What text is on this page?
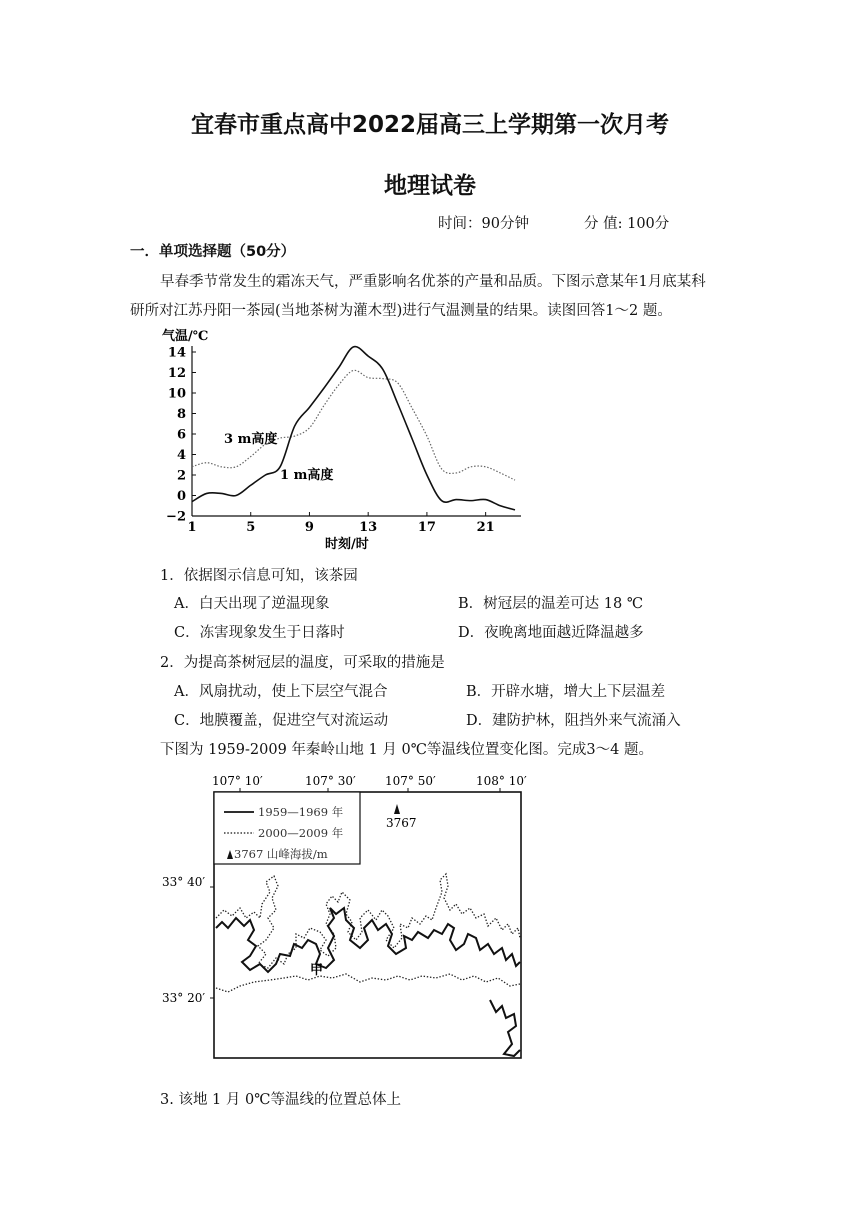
宜春市重点高中2022届高三上学期第一次月考
地理试卷
时间：90分钟	分 值: 100分
一．单项选择题（50分）
早春季节常发生的霜冻天气，严重影响名优茶的产量和品质。下图示意某年1月底某科
研所对江苏丹阳一茶园(当地茶树为灌木型)进行气温测量的结果。读图回答1～2 题。
14
12
10
8
6
4
2
0
−2
1	5	9	13	17	21
气温/℃
时刻/时
3 m高度
1 m高度
1．依据图示信息可知，该茶园
A．白天出现了逆温现象	B．树冠层的温差可达 18 ℃
C．冻害现象发生于日落时	D．夜晚离地面越近降温越多
2．为提高茶树冠层的温度，可采取的措施是
A．风扇扰动，使上下层空气混合	B．开辟水塘，增大上下层温差
C．地膜覆盖，促进空气对流运动	D．建防护林，阻挡外来气流涌入
下图为 1959-2009 年秦岭山地 1 月 0℃等温线位置变化图。完成3～4 题。
107° 10′	107° 30′ 107° 50′	108° 10′
33° 40′
33° 20′
1959—1969 年
2000—2009 年
3767 山峰海拔/m
3767
甲
3. 该地 1 月 0℃等温线的位置总体上
